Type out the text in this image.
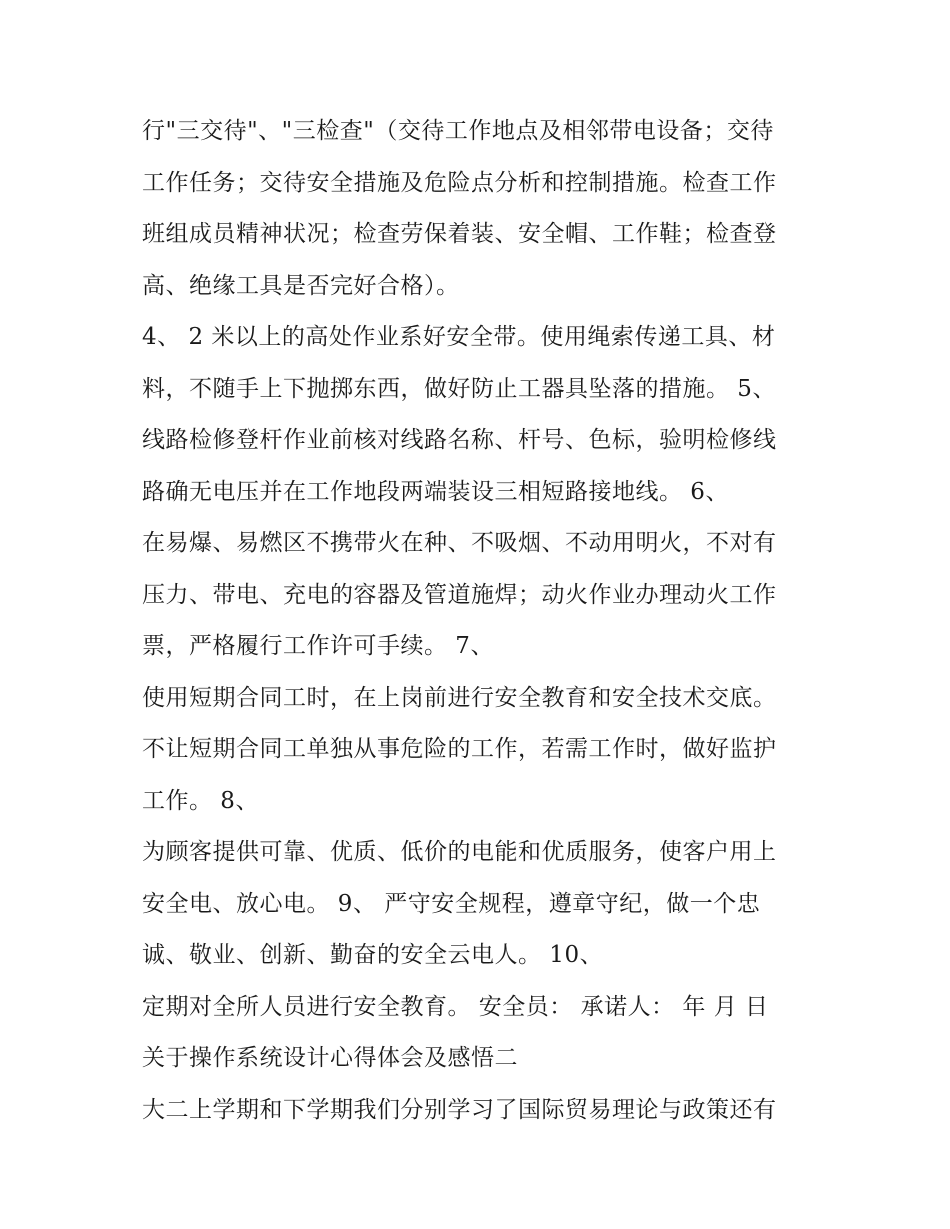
行"三交待"、"三检查"（交待工作地点及相邻带电设备；交待
工作任务；交待安全措施及危险点分析和控制措施。检查工作
班组成员精神状况；检查劳保着装、安全帽、工作鞋；检查登
高、绝缘工具是否完好合格）。
4、 2 米以上的高处作业系好安全带。使用绳索传递工具、材
料，不随手上下抛掷东西，做好防止工器具坠落的措施。 5、
线路检修登杆作业前核对线路名称、杆号、色标，验明检修线
路确无电压并在工作地段两端装设三相短路接地线。 6、
在易爆、易燃区不携带火在种、不吸烟、不动用明火，不对有
压力、带电、充电的容器及管道施焊；动火作业办理动火工作
票，严格履行工作许可手续。 7、
使用短期合同工时，在上岗前进行安全教育和安全技术交底。
不让短期合同工单独从事危险的工作，若需工作时，做好监护
工作。 8、
为顾客提供可靠、优质、低价的电能和优质服务，使客户用上
安全电、放心电。 9、 严守安全规程，遵章守纪，做一个忠
诚、敬业、创新、勤奋的安全云电人。 10、
定期对全所人员进行安全教育。 安全员： 承诺人： 年 月 日
关于操作系统设计心得体会及感悟二
大二上学期和下学期我们分别学习了国际贸易理论与政策还有
